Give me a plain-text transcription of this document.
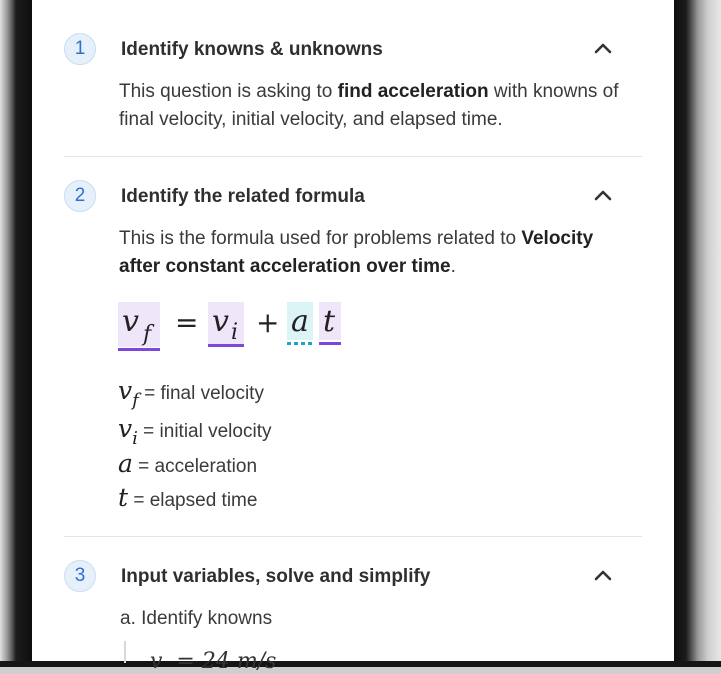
1	Identify knowns & unknowns
This question is asking to find acceleration with knowns of final velocity, initial velocity, and elapsed time.
2	Identify the related formula
This is the formula used for problems related to Velocity after constant acceleration over time.
v f = v i + a t
vf = final velocity
vi = initial velocity
a = acceleration
t = elapsed time
3	Input variables, solve and simplify
a. Identify knowns
v  = 24 m/s
